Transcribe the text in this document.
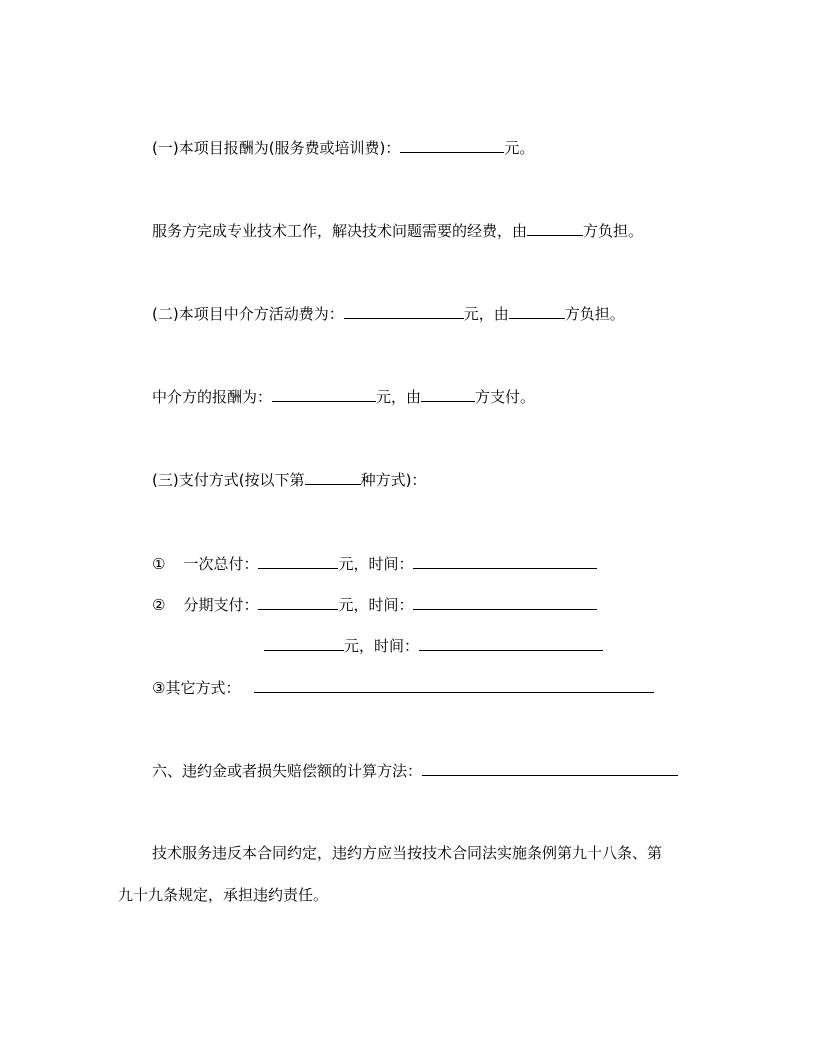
(一)本项目报酬为(服务费或培训费)：	元。
服务方完成专业技术工作，解决技术问题需要的经费，由	方负担。
(二)本项目中介方活动费为：	元，由	方负担。
中介方的报酬为：	元，由	方支付。
(三)支付方式(按以下第	种方式)：
① 一次总付：	元，时间：
② 分期支付：	元，时间：
元，时间：
③其它方式：
六、违约金或者损失赔偿额的计算方法：
技术服务违反本合同约定，违约方应当按技术合同法实施条例第九十八条、第
九十九条规定，承担违约责任。
